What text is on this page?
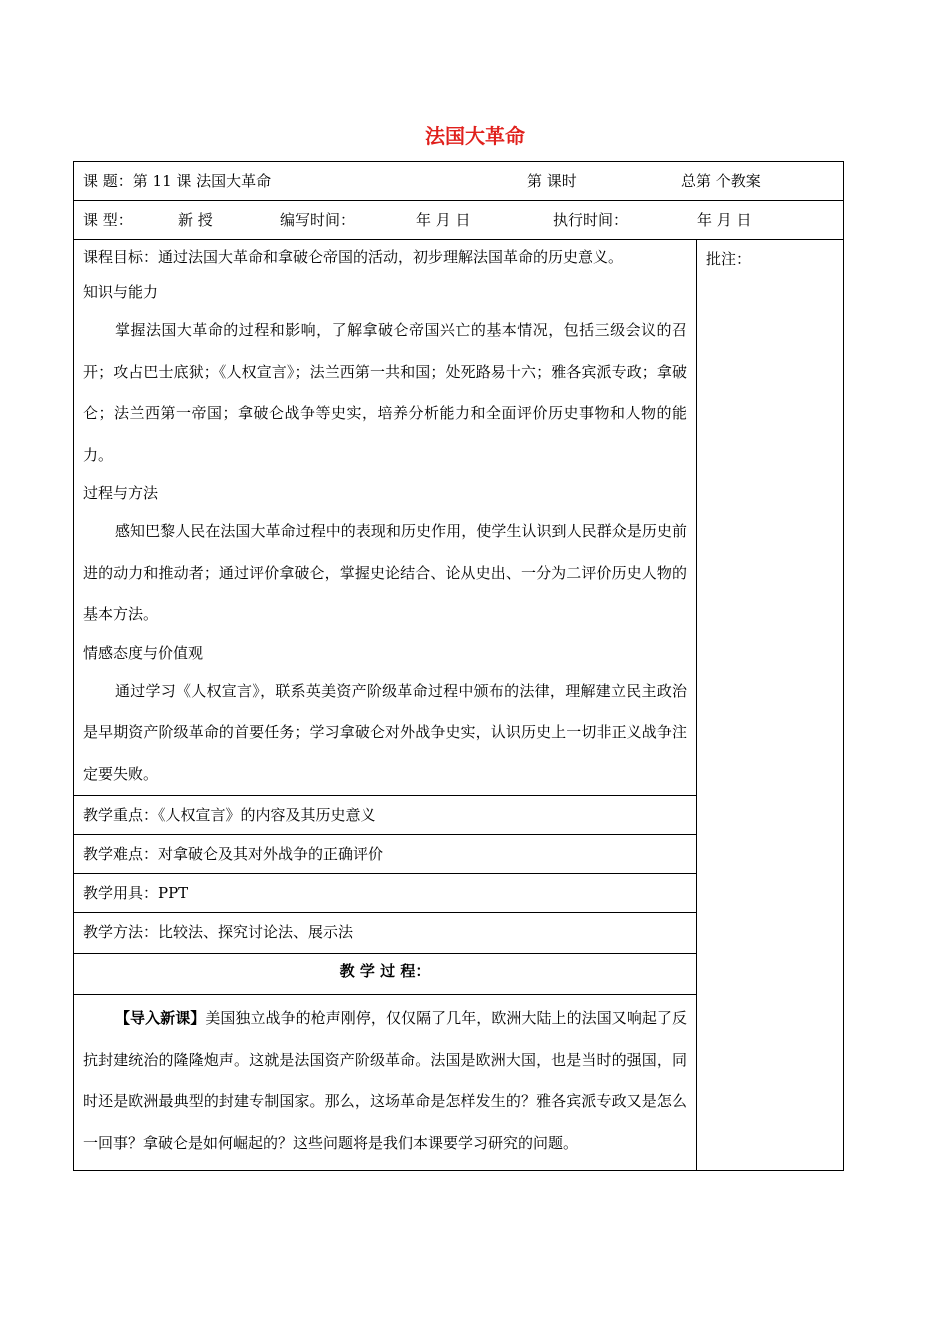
法国大革命
课 题：第 11 课 法国大革命	第 课时	总第 个教案

课 型：	新 授	编写时间：	年 月 日	执行时间：	年 月 日

课程目标：通过法国大革命和拿破仑帝国的活动，初步理解法国革命的历史意义。

知识与能力

掌握法国大革命的过程和影响，了解拿破仑帝国兴亡的基本情况，包括三级会议的召开；攻占巴士底狱；《人权宣言》；法兰西第一共和国；处死路易十六；雅各宾派专政；拿破仑；法兰西第一帝国；拿破仑战争等史实，培养分析能力和全面评价历史事物和人物的能力。

过程与方法

感知巴黎人民在法国大革命过程中的表现和历史作用，使学生认识到人民群众是历史前进的动力和推动者；通过评价拿破仑，掌握史论结合、论从史出、一分为二评价历史人物的基本方法。

情感态度与价值观

通过学习《人权宣言》，联系英美资产阶级革命过程中颁布的法律，理解建立民主政治是早期资产阶级革命的首要任务；学习拿破仑对外战争史实，认识历史上一切非正义战争注定要失败。

	批注：
教学重点：《人权宣言》的内容及其历史意义
教学难点：对拿破仑及其对外战争的正确评价
教学用具：PPT
教学方法：比较法、探究讨论法、展示法
教 学 过 程：

【导入新课】美国独立战争的枪声刚停，仅仅隔了几年，欧洲大陆上的法国又响起了反抗封建统治的隆隆炮声。这就是法国资产阶级革命。法国是欧洲大国，也是当时的强国，同时还是欧洲最典型的封建专制国家。那么，这场革命是怎样发生的？雅各宾派专政又是怎么一回事？拿破仑是如何崛起的？这些问题将是我们本课要学习研究的问题。
